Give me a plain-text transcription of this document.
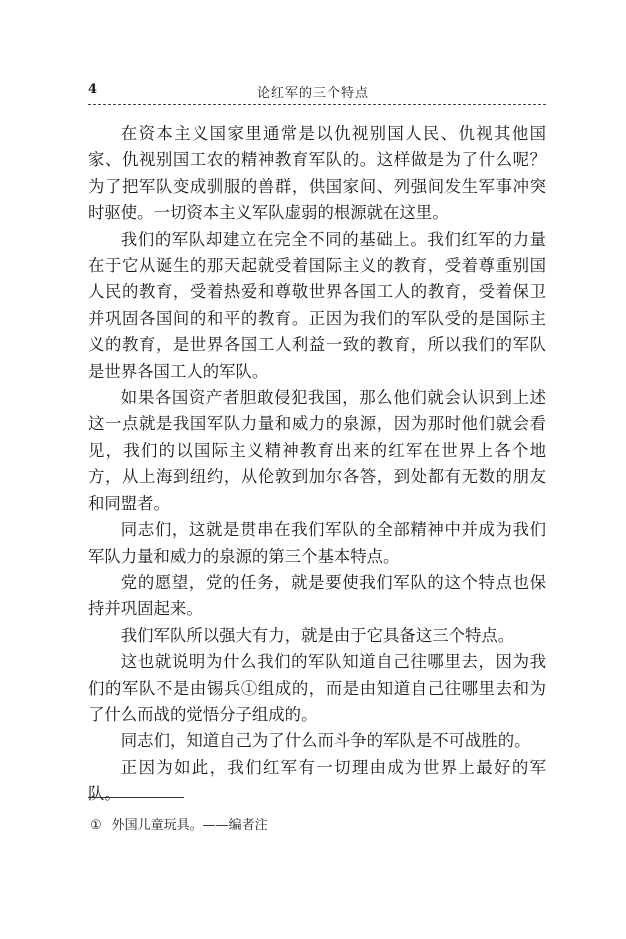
4	论红军的三个特点

在资本主义国家里通常是以仇视别国人民、仇视其他国家、仇视别国工农的精神教育军队的。这样做是为了什么呢？为了把军队变成驯服的兽群，供国家间、列强间发生军事冲突时驱使。一切资本主义军队虚弱的根源就在这里。

我们的军队却建立在完全不同的基础上。我们红军的力量在于它从诞生的那天起就受着国际主义的教育，受着尊重别国人民的教育，受着热爱和尊敬世界各国工人的教育，受着保卫并巩固各国间的和平的教育。正因为我们的军队受的是国际主义的教育，是世界各国工人利益一致的教育，所以我们的军队是世界各国工人的军队。

如果各国资产者胆敢侵犯我国，那么他们就会认识到上述这一点就是我国军队力量和威力的泉源，因为那时他们就会看见，我们的以国际主义精神教育出来的红军在世界上各个地方，从上海到纽约，从伦敦到加尔各答，到处都有无数的朋友和同盟者。

同志们，这就是贯串在我们军队的全部精神中并成为我们军队力量和威力的泉源的第三个基本特点。

党的愿望，党的任务，就是要使我们军队的这个特点也保持并巩固起来。

我们军队所以强大有力，就是由于它具备这三个特点。

这也就说明为什么我们的军队知道自己往哪里去，因为我们的军队不是由锡兵①组成的，而是由知道自己往哪里去和为了什么而战的觉悟分子组成的。

同志们，知道自己为了什么而斗争的军队是不可战胜的。

正因为如此，我们红军有一切理由成为世界上最好的军队。

① 外国儿童玩具。——编者注
